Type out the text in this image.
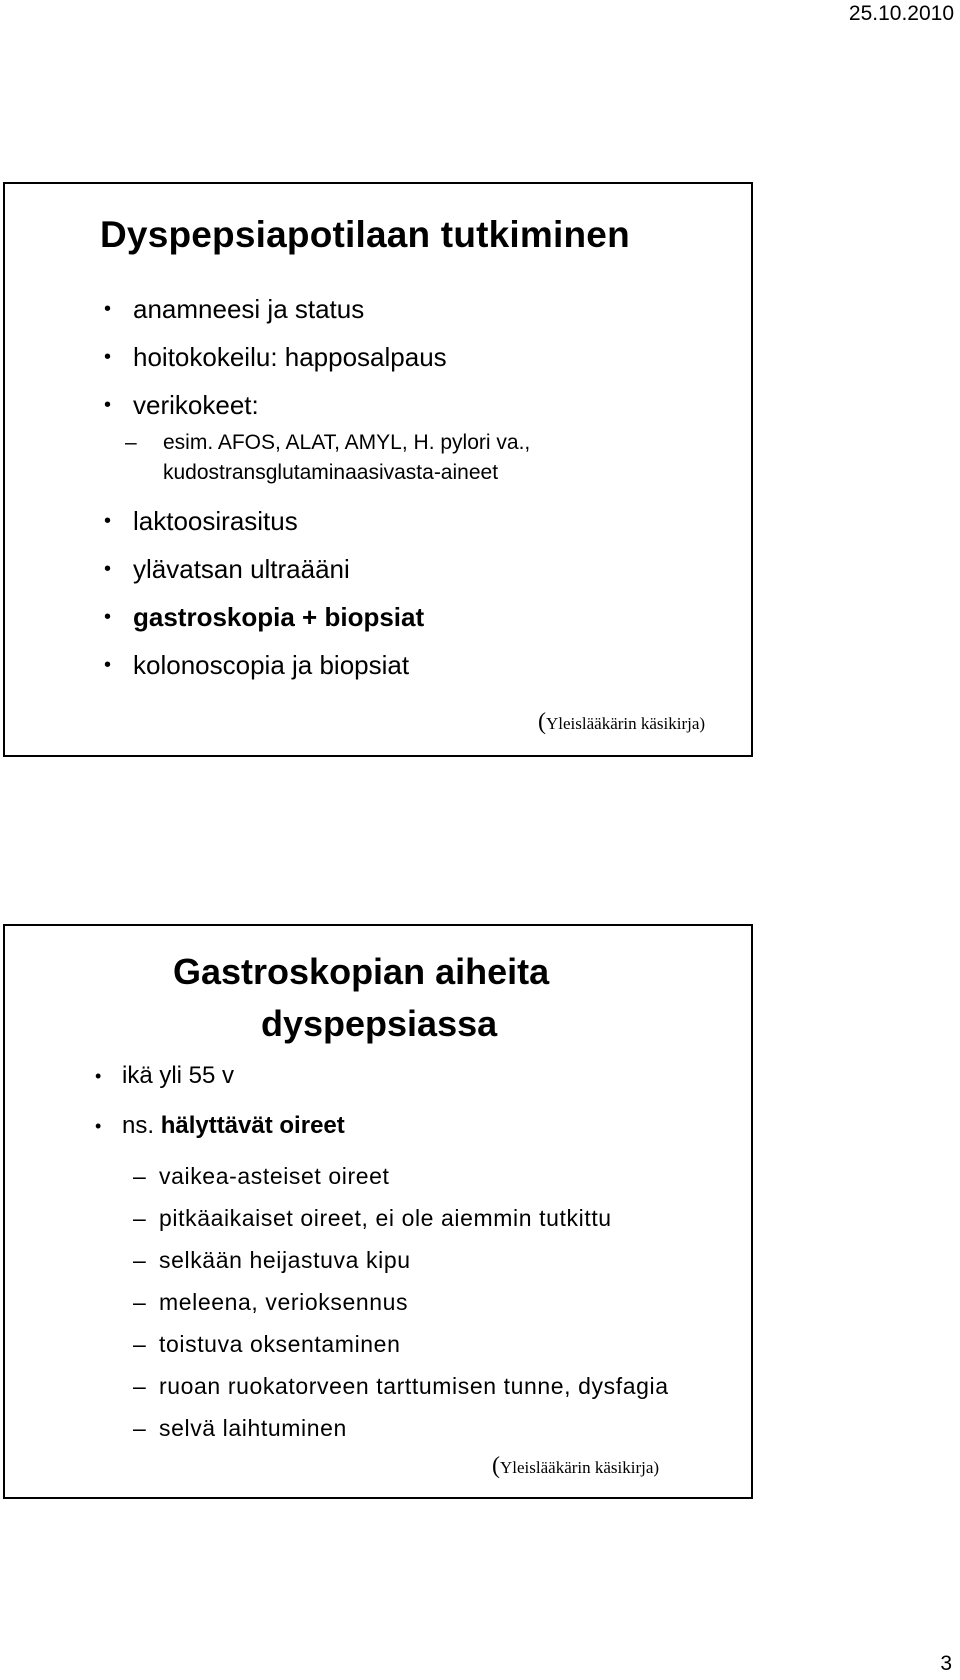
25.10.2010
Dyspepsiapotilaan tutkiminen
• anamneesi ja status
• hoitokokeilu: happosalpaus
• verikokeet:
– esim. AFOS, ALAT, AMYL, H. pylori va.,
kudostransglutaminaasivasta-aineet
• laktoosirasitus
• ylävatsan ultraääni
• gastroskopia + biopsiat
• kolonoscopia ja biopsiat
(Yleislääkärin käsikirja)
Gastroskopian aiheita
dyspepsiassa
• ikä yli 55 v
• ns. hälyttävät oireet
– vaikea-asteiset oireet
– pitkäaikaiset oireet, ei ole aiemmin tutkittu
– selkään heijastuva kipu
– meleena, verioksennus
– toistuva oksentaminen
– ruoan ruokatorveen tarttumisen tunne, dysfagia
– selvä laihtuminen
(Yleislääkärin käsikirja)
3
